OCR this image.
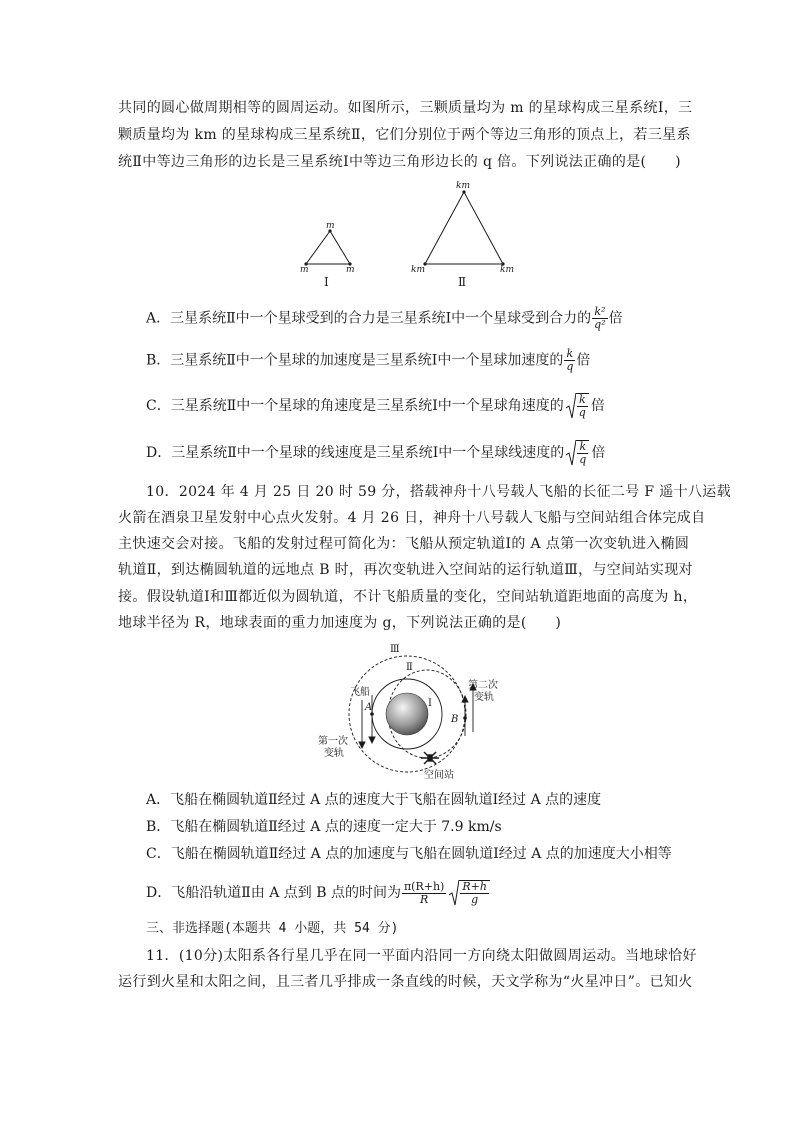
共同的圆心做周期相等的圆周运动。如图所示，三颗质量均为 m 的星球构成三星系统Ⅰ，三
颗质量均为 km 的星球构成三星系统Ⅱ，它们分别位于两个等边三角形的顶点上，若三星系
统Ⅱ中等边三角形的边长是三星系统Ⅰ中等边三角形边长的 q 倍。下列说法正确的是(　　)
m
m	m
km
km	km
Ⅰ	Ⅱ
A．三星系统Ⅱ中一个星球受到的合力是三星系统Ⅰ中一个星球受到合力的 $\frac{\text{k²}}{\text{q²}}$ 倍
B．三星系统Ⅱ中一个星球的加速度是三星系统Ⅰ中一个星球加速度的 $\frac{k}{q}$ 倍
C．三星系统Ⅱ中一个星球的角速度是三星系统Ⅰ中一个星球角速度的 $\frac{k}{q}$ 倍
D．三星系统Ⅱ中一个星球的线速度是三星系统Ⅰ中一个星球线速度的 $\frac{k}{q}$ 倍
10．2024 年 4 月 25 日 20 时 59 分，搭载神舟十八号载人飞船的长征二号 F 遥十八运载
火箭在酒泉卫星发射中心点火发射。4 月 26 日，神舟十八号载人飞船与空间站组合体完成自
主快速交会对接。飞船的发射过程可简化为：飞船从预定轨道Ⅰ的 A 点第一次变轨进入椭圆
轨道Ⅱ，到达椭圆轨道的远地点 B 时，再次变轨进入空间站的运行轨道Ⅲ，与空间站实现对
接。假设轨道Ⅰ和Ⅲ都近似为圆轨道，不计飞船质量的变化，空间站轨道距地面的高度为 h，
地球半径为 R，地球表面的重力加速度为 g，下列说法正确的是(　　)
Ⅲ
Ⅱ
Ⅰ
飞船
A
B
第二次
变轨
第一次
变轨
空间站
A．飞船在椭圆轨道Ⅱ经过 A 点的速度大于飞船在圆轨道Ⅰ经过 A 点的速度
B．飞船在椭圆轨道Ⅱ经过 A 点的速度一定大于 7.9 km/s
C．飞船在椭圆轨道Ⅱ经过 A 点的加速度与飞船在圆轨道Ⅰ经过 A 点的加速度大小相等
D．飞船沿轨道Ⅱ由 A 点到 B 点的时间为 $\frac{\pi(R+h)}{R} \frac{R+h}{g}$
三、非选择题(本题共 4 小题，共 54 分)
11．(10分)太阳系各行星几乎在同一平面内沿同一方向绕太阳做圆周运动。当地球恰好
运行到火星和太阳之间，且三者几乎排成一条直线的时候，天文学称为“火星冲日”。已知火
